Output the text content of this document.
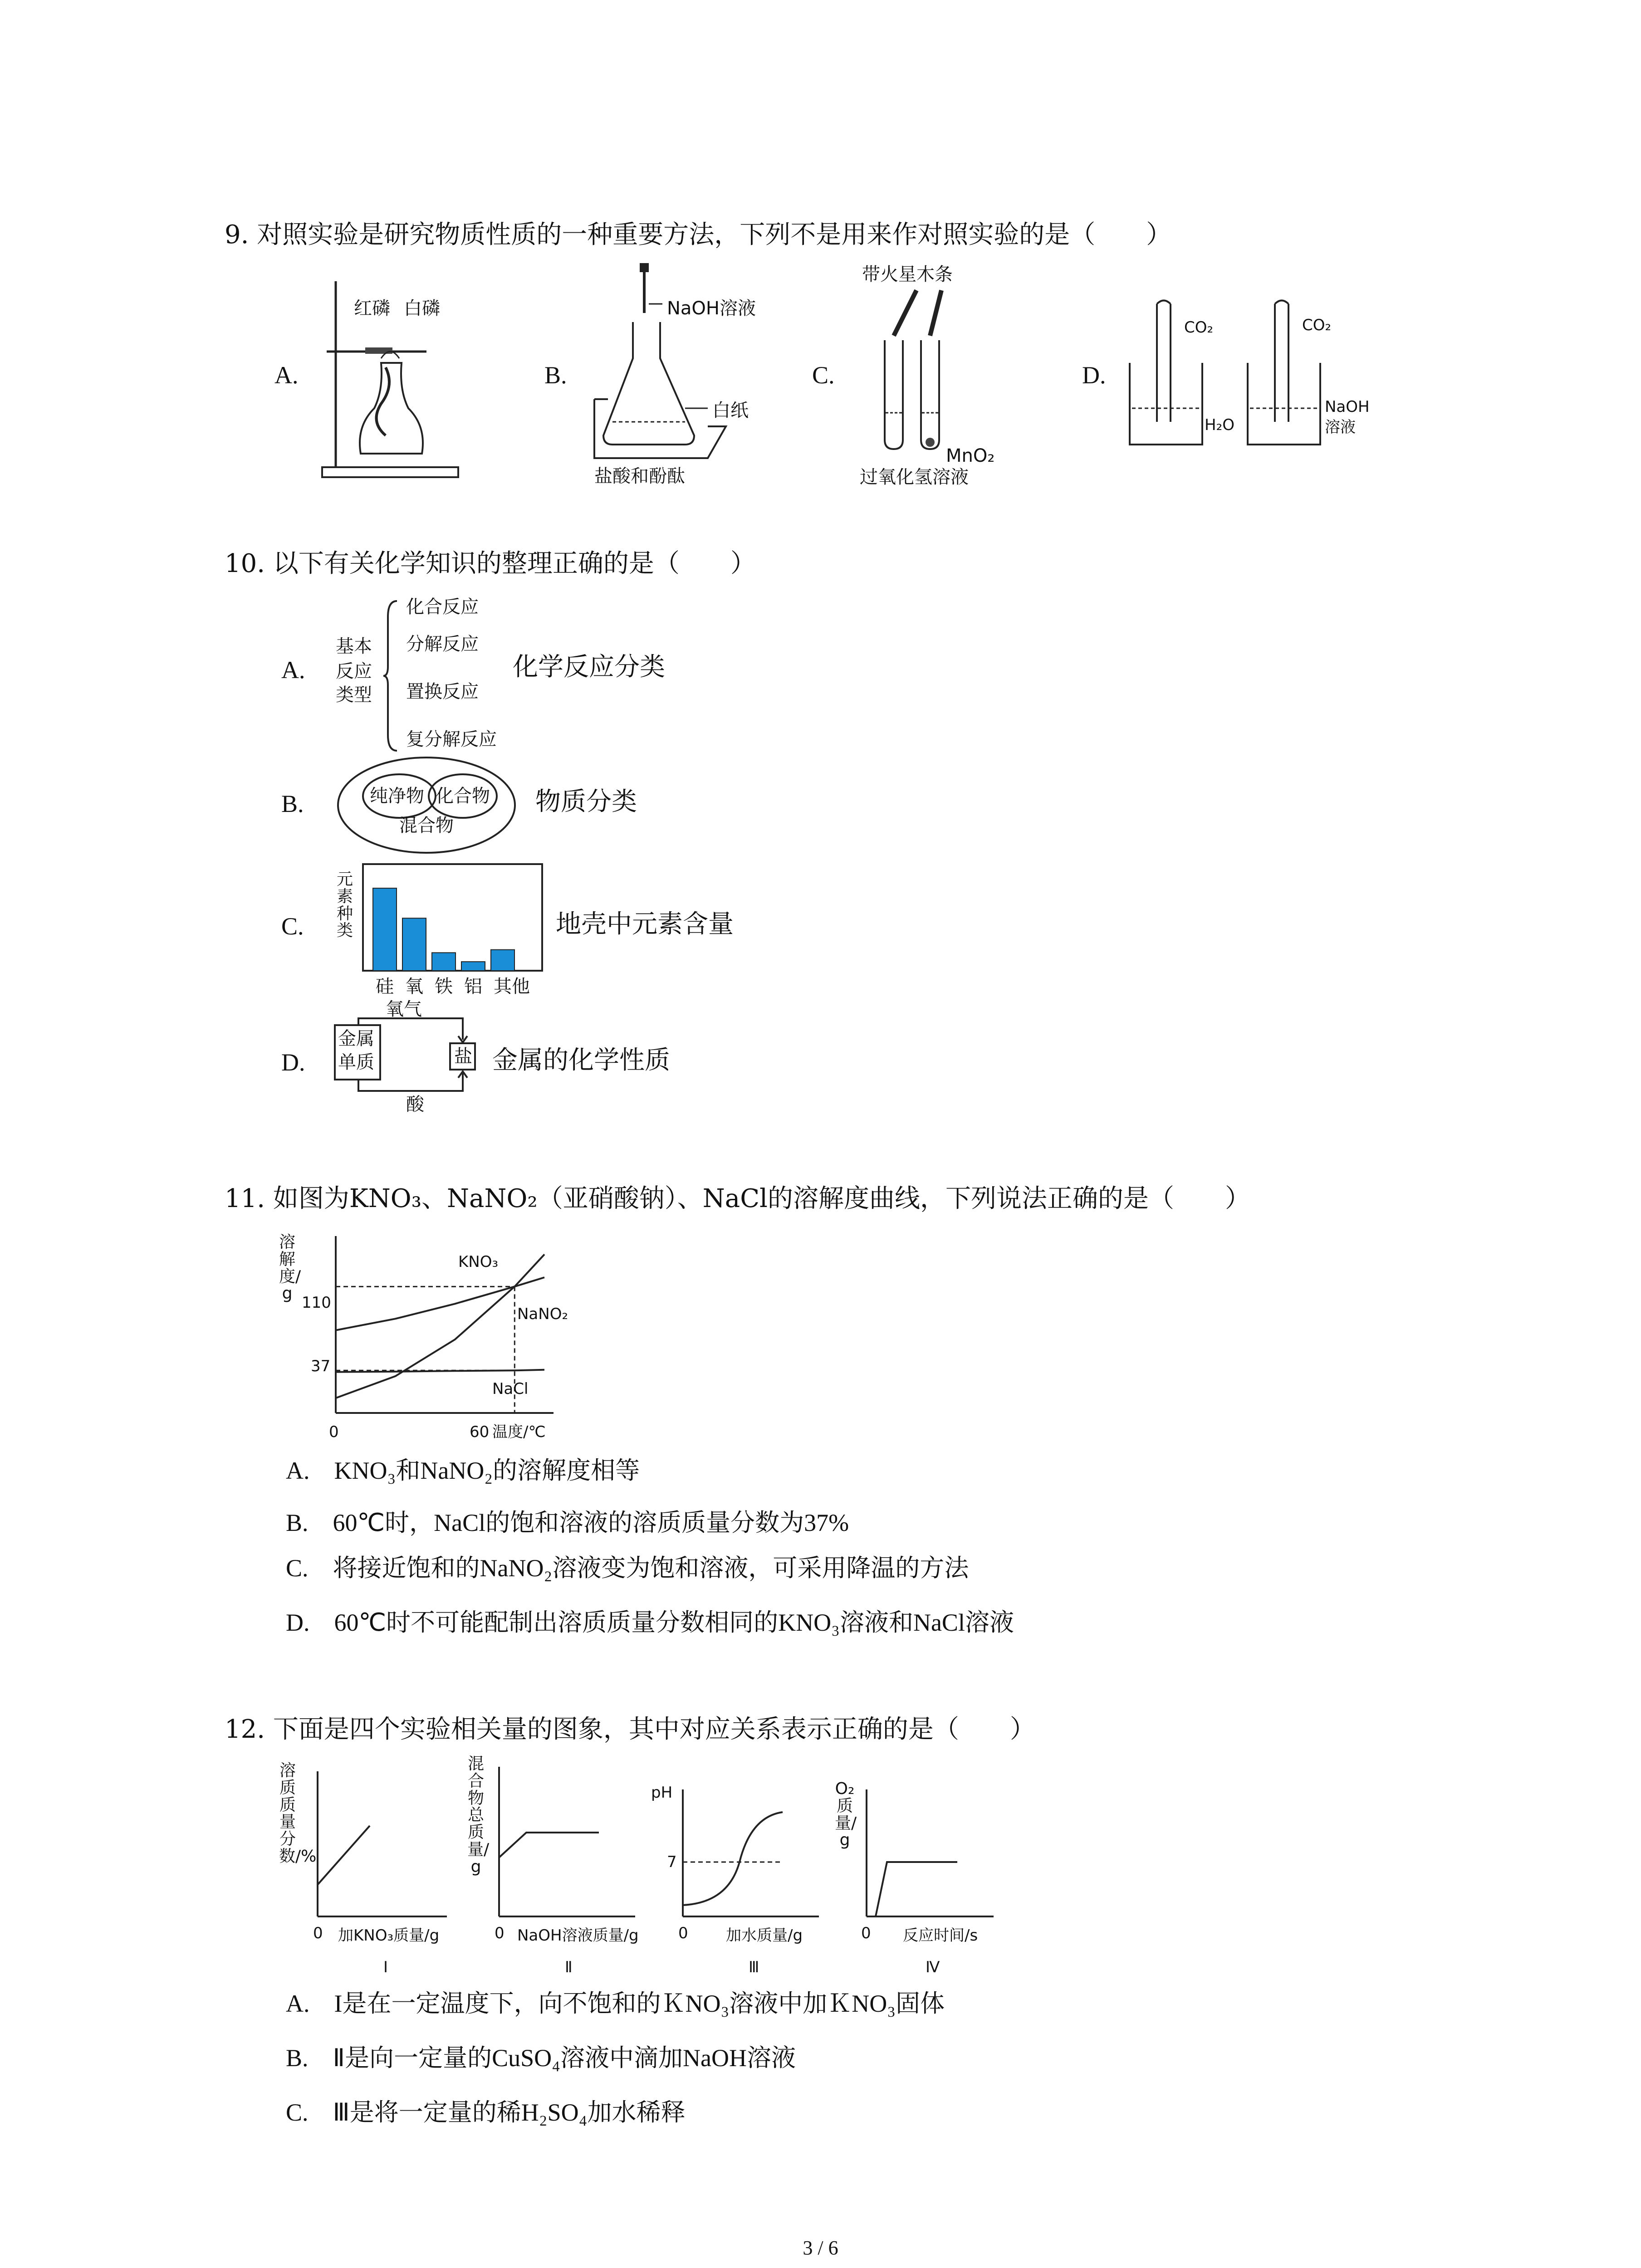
9. 对照实验是研究物质性质的一种重要方法，下列不是用来作对照实验的是（　　）
A.
红磷 白磷
B.
NaOH溶液
白纸
盐酸和酚酞
C.
带火星木条
MnO₂
过氧化氢溶液
D.
CO₂	CO₂
H₂O
NaOH
溶液
10. 以下有关化学知识的整理正确的是（　　）
A.
基本
反应
类型
化合反应
分解反应
置换反应
复分解反应
化学反应分类
B.	纯净物 化合物
混合物
物质分类
C.
元素种类
硅 氧 铁 铝 其他
氧气
地壳中元素含量
D.
金属
单质	盐
酸
金属的化学性质
11. 如图为KNO₃、NaNO₂（亚硝酸钠）、NaCl的溶解度曲线，下列说法正确的是（　　）
溶解度/g 110
37
0	60 温度/℃
KNO₃
NaNO₂
NaCl
A.  KNO₃和NaNO₂的溶解度相等
B.  60℃时，NaCl的饱和溶液的溶质质量分数为37%
C.  将接近饱和的NaNO₂溶液变为饱和溶液，可采用降温的方法
D.  60℃时不可能配制出溶质质量分数相同的KNO₃溶液和NaCl溶液
12. 下面是四个实验相关量的图象，其中对应关系表示正确的是（　　）
溶质质量分数/%
0 加KNO₃质量/g
Ⅰ
混合物总质量/g
0 NaOH溶液质量/g
Ⅱ
pH
7
0 加水质量/g
Ⅲ
O₂质量/g
0 反应时间/s
Ⅳ
A.  I是在一定温度下，向不饱和的ＫNO₃溶液中加ＫNO₃固体
B.  Ⅱ是向一定量的CuSO₄溶液中滴加NaOH溶液
C.  Ⅲ是将一定量的稀H₂SO₄加水稀释
3 / 6
